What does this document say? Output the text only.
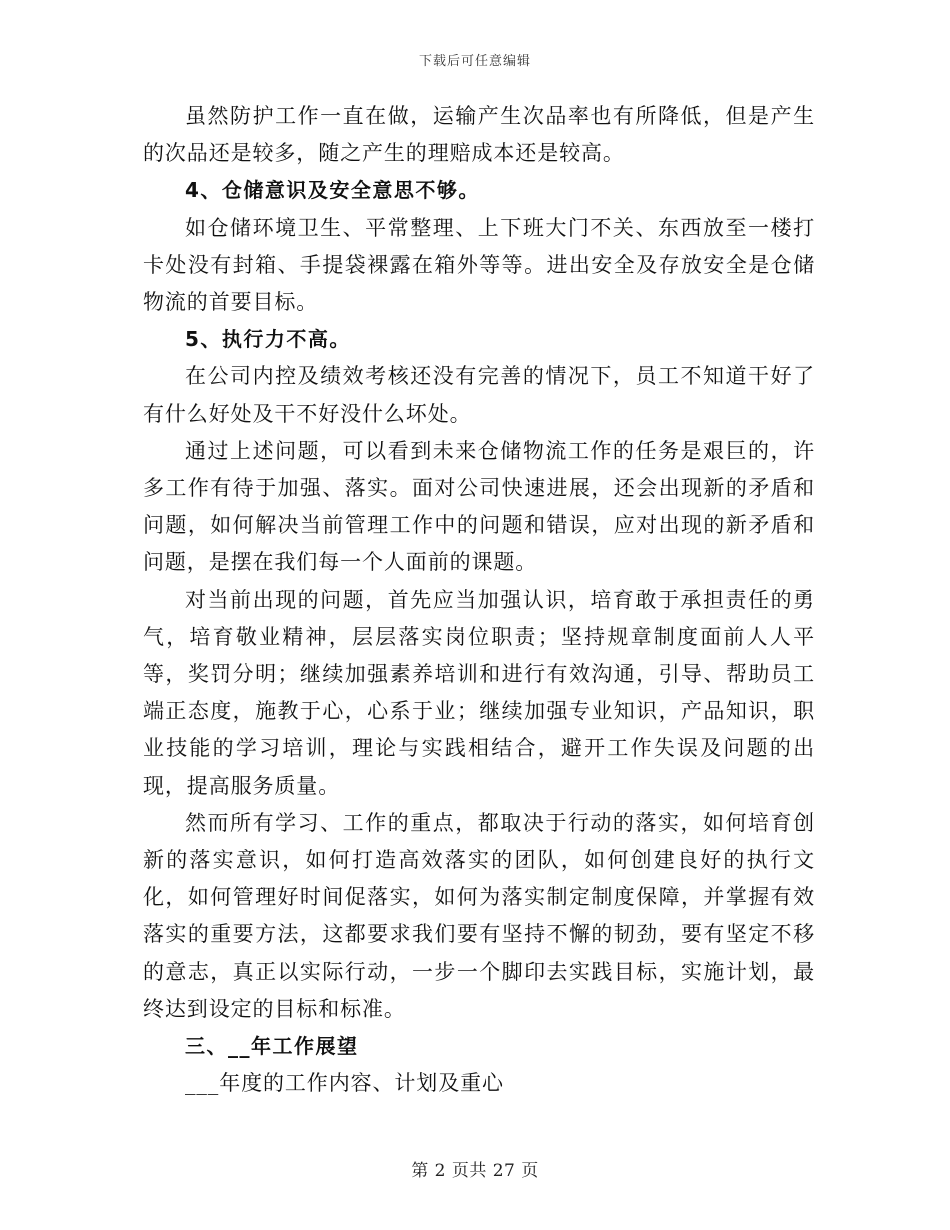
下载后可任意编辑

虽然防护工作一直在做，运输产生次品率也有所降低，但是产生的次品还是较多，随之产生的理赔成本还是较高。

4、仓储意识及安全意思不够。

如仓储环境卫生、平常整理、上下班大门不关、东西放至一楼打卡处没有封箱、手提袋裸露在箱外等等。进出安全及存放安全是仓储物流的首要目标。

5、执行力不高。

在公司内控及绩效考核还没有完善的情况下，员工不知道干好了有什么好处及干不好没什么坏处。

通过上述问题，可以看到未来仓储物流工作的任务是艰巨的，许多工作有待于加强、落实。面对公司快速进展，还会出现新的矛盾和问题，如何解决当前管理工作中的问题和错误，应对出现的新矛盾和问题，是摆在我们每一个人面前的课题。

对当前出现的问题，首先应当加强认识，培育敢于承担责任的勇气，培育敬业精神，层层落实岗位职责；坚持规章制度面前人人平等，奖罚分明；继续加强素养培训和进行有效沟通，引导、帮助员工端正态度，施教于心，心系于业；继续加强专业知识，产品知识，职业技能的学习培训，理论与实践相结合，避开工作失误及问题的出现，提高服务质量。

然而所有学习、工作的重点，都取决于行动的落实，如何培育创新的落实意识，如何打造高效落实的团队，如何创建良好的执行文化，如何管理好时间促落实，如何为落实制定制度保障，并掌握有效落实的重要方法，这都要求我们要有坚持不懈的韧劲，要有坚定不移的意志，真正以实际行动，一步一个脚印去实践目标，实施计划，最终达到设定的目标和标准。

三、__年工作展望

___年度的工作内容、计划及重心

第 2 页共 27 页
